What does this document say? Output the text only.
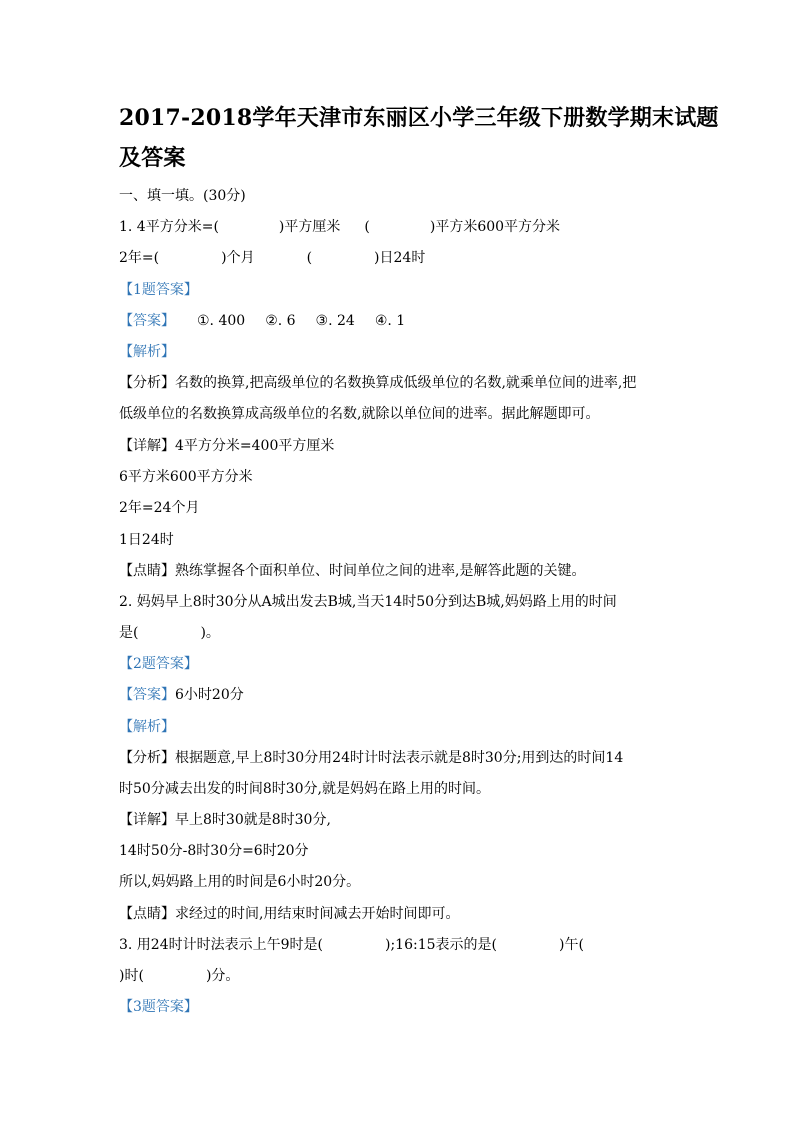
2017-2018学年天津市东丽区小学三年级下册数学期末试题
及答案
一、填一填。(30分)
1. 4平方分米=(	)平方厘米 (	)平方米600平方分米
2年=(	)个月	(	)日24时
【1题答案】
【答案】 ①. 400 ②. 6 ③. 24 ④. 1
【解析】
【分析】名数的换算,把高级单位的名数换算成低级单位的名数,就乘单位间的进率,把
低级单位的名数换算成高级单位的名数,就除以单位间的进率。据此解题即可。
【详解】4平方分米=400平方厘米
6平方米600平方分米
2年=24个月
1日24时
【点睛】熟练掌握各个面积单位、时间单位之间的进率,是解答此题的关键。
2. 妈妈早上8时30分从A城出发去B城,当天14时50分到达B城,妈妈路上用的时间
是(	)。
【2题答案】
【答案】6小时20分
【解析】
【分析】根据题意,早上8时30分用24时计时法表示就是8时30分;用到达的时间14
时50分减去出发的时间8时30分,就是妈妈在路上用的时间。
【详解】早上8时30就是8时30分,
14时50分-8时30分=6时20分
所以,妈妈路上用的时间是6小时20分。
【点睛】求经过的时间,用结束时间减去开始时间即可。
3. 用24时计时法表示上午9时是(	);16:15表示的是(	)午(
)时(	)分。
【3题答案】
